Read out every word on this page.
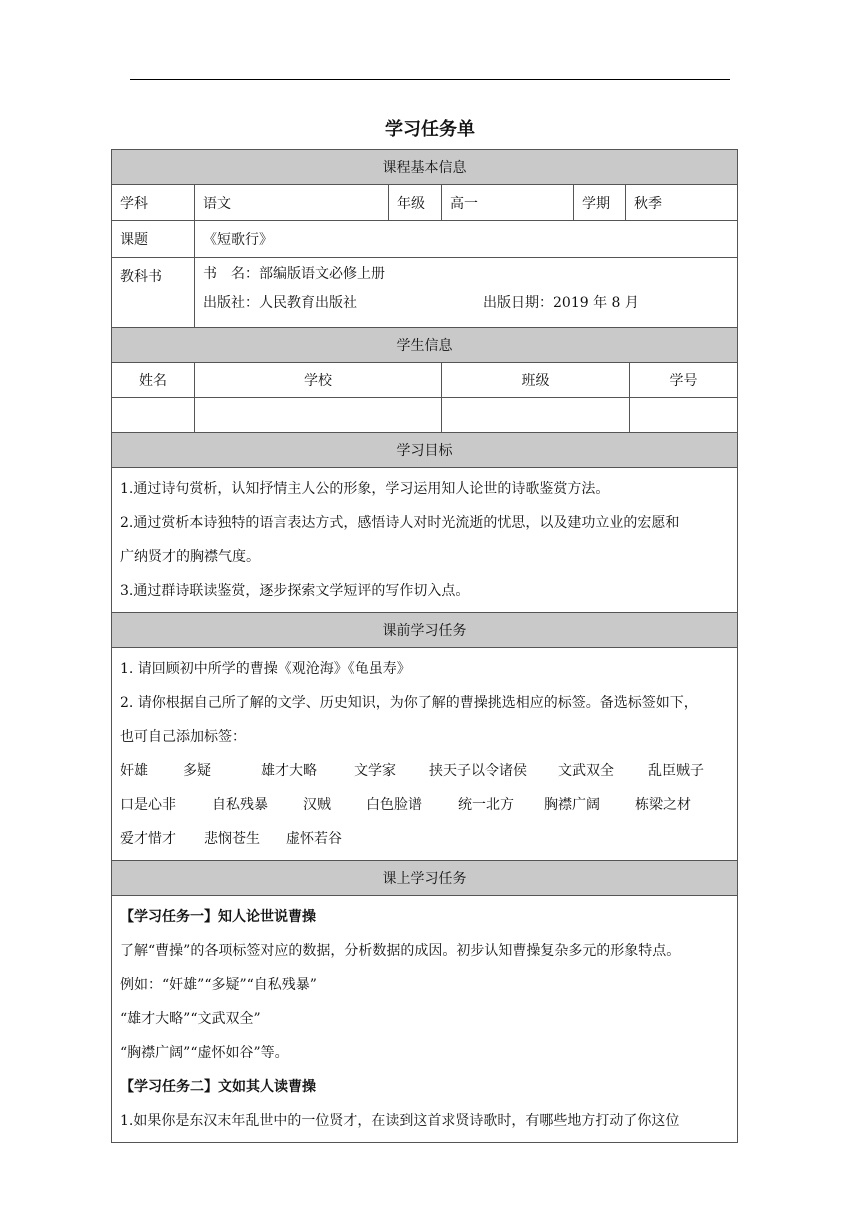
学习任务单
课程基本信息
学科	语文	年级	高一	学期	秋季
课题	《短歌行》
教科书	书　名：部编版语文必修上册
出版社：人民教育出版社	出版日期：2019 年 8 月
学生信息
姓名	学校	班级	学号
学习目标
1.通过诗句赏析，认知抒情主人公的形象，学习运用知人论世的诗歌鉴赏方法。
2.通过赏析本诗独特的语言表达方式，感悟诗人对时光流逝的忧思，以及建功立业的宏愿和
广纳贤才的胸襟气度。
3.通过群诗联读鉴赏，逐步探索文学短评的写作切入点。
课前学习任务
1. 请回顾初中所学的曹操《观沧海》《龟虽寿》
2. 请你根据自己所了解的文学、历史知识，为你了解的曹操挑选相应的标签。备选标签如下，
也可自己添加标签：
奸雄	多疑	雄才大略	文学家	挟天子以令诸侯	文武双全	乱臣贼子
口是心非	自私残暴	汉贼	白色脸谱	统一北方	胸襟广阔	栋梁之材
爱才惜才	悲悯苍生	虚怀若谷
课上学习任务
【学习任务一】知人论世说曹操
了解“曹操”的各项标签对应的数据，分析数据的成因。初步认知曹操复杂多元的形象特点。
例如：“奸雄”“多疑”“自私残暴”
“雄才大略”“文武双全”
“胸襟广阔”“虚怀如谷”等。
【学习任务二】文如其人读曹操
1.如果你是东汉末年乱世中的一位贤才，在读到这首求贤诗歌时，有哪些地方打动了你这位
